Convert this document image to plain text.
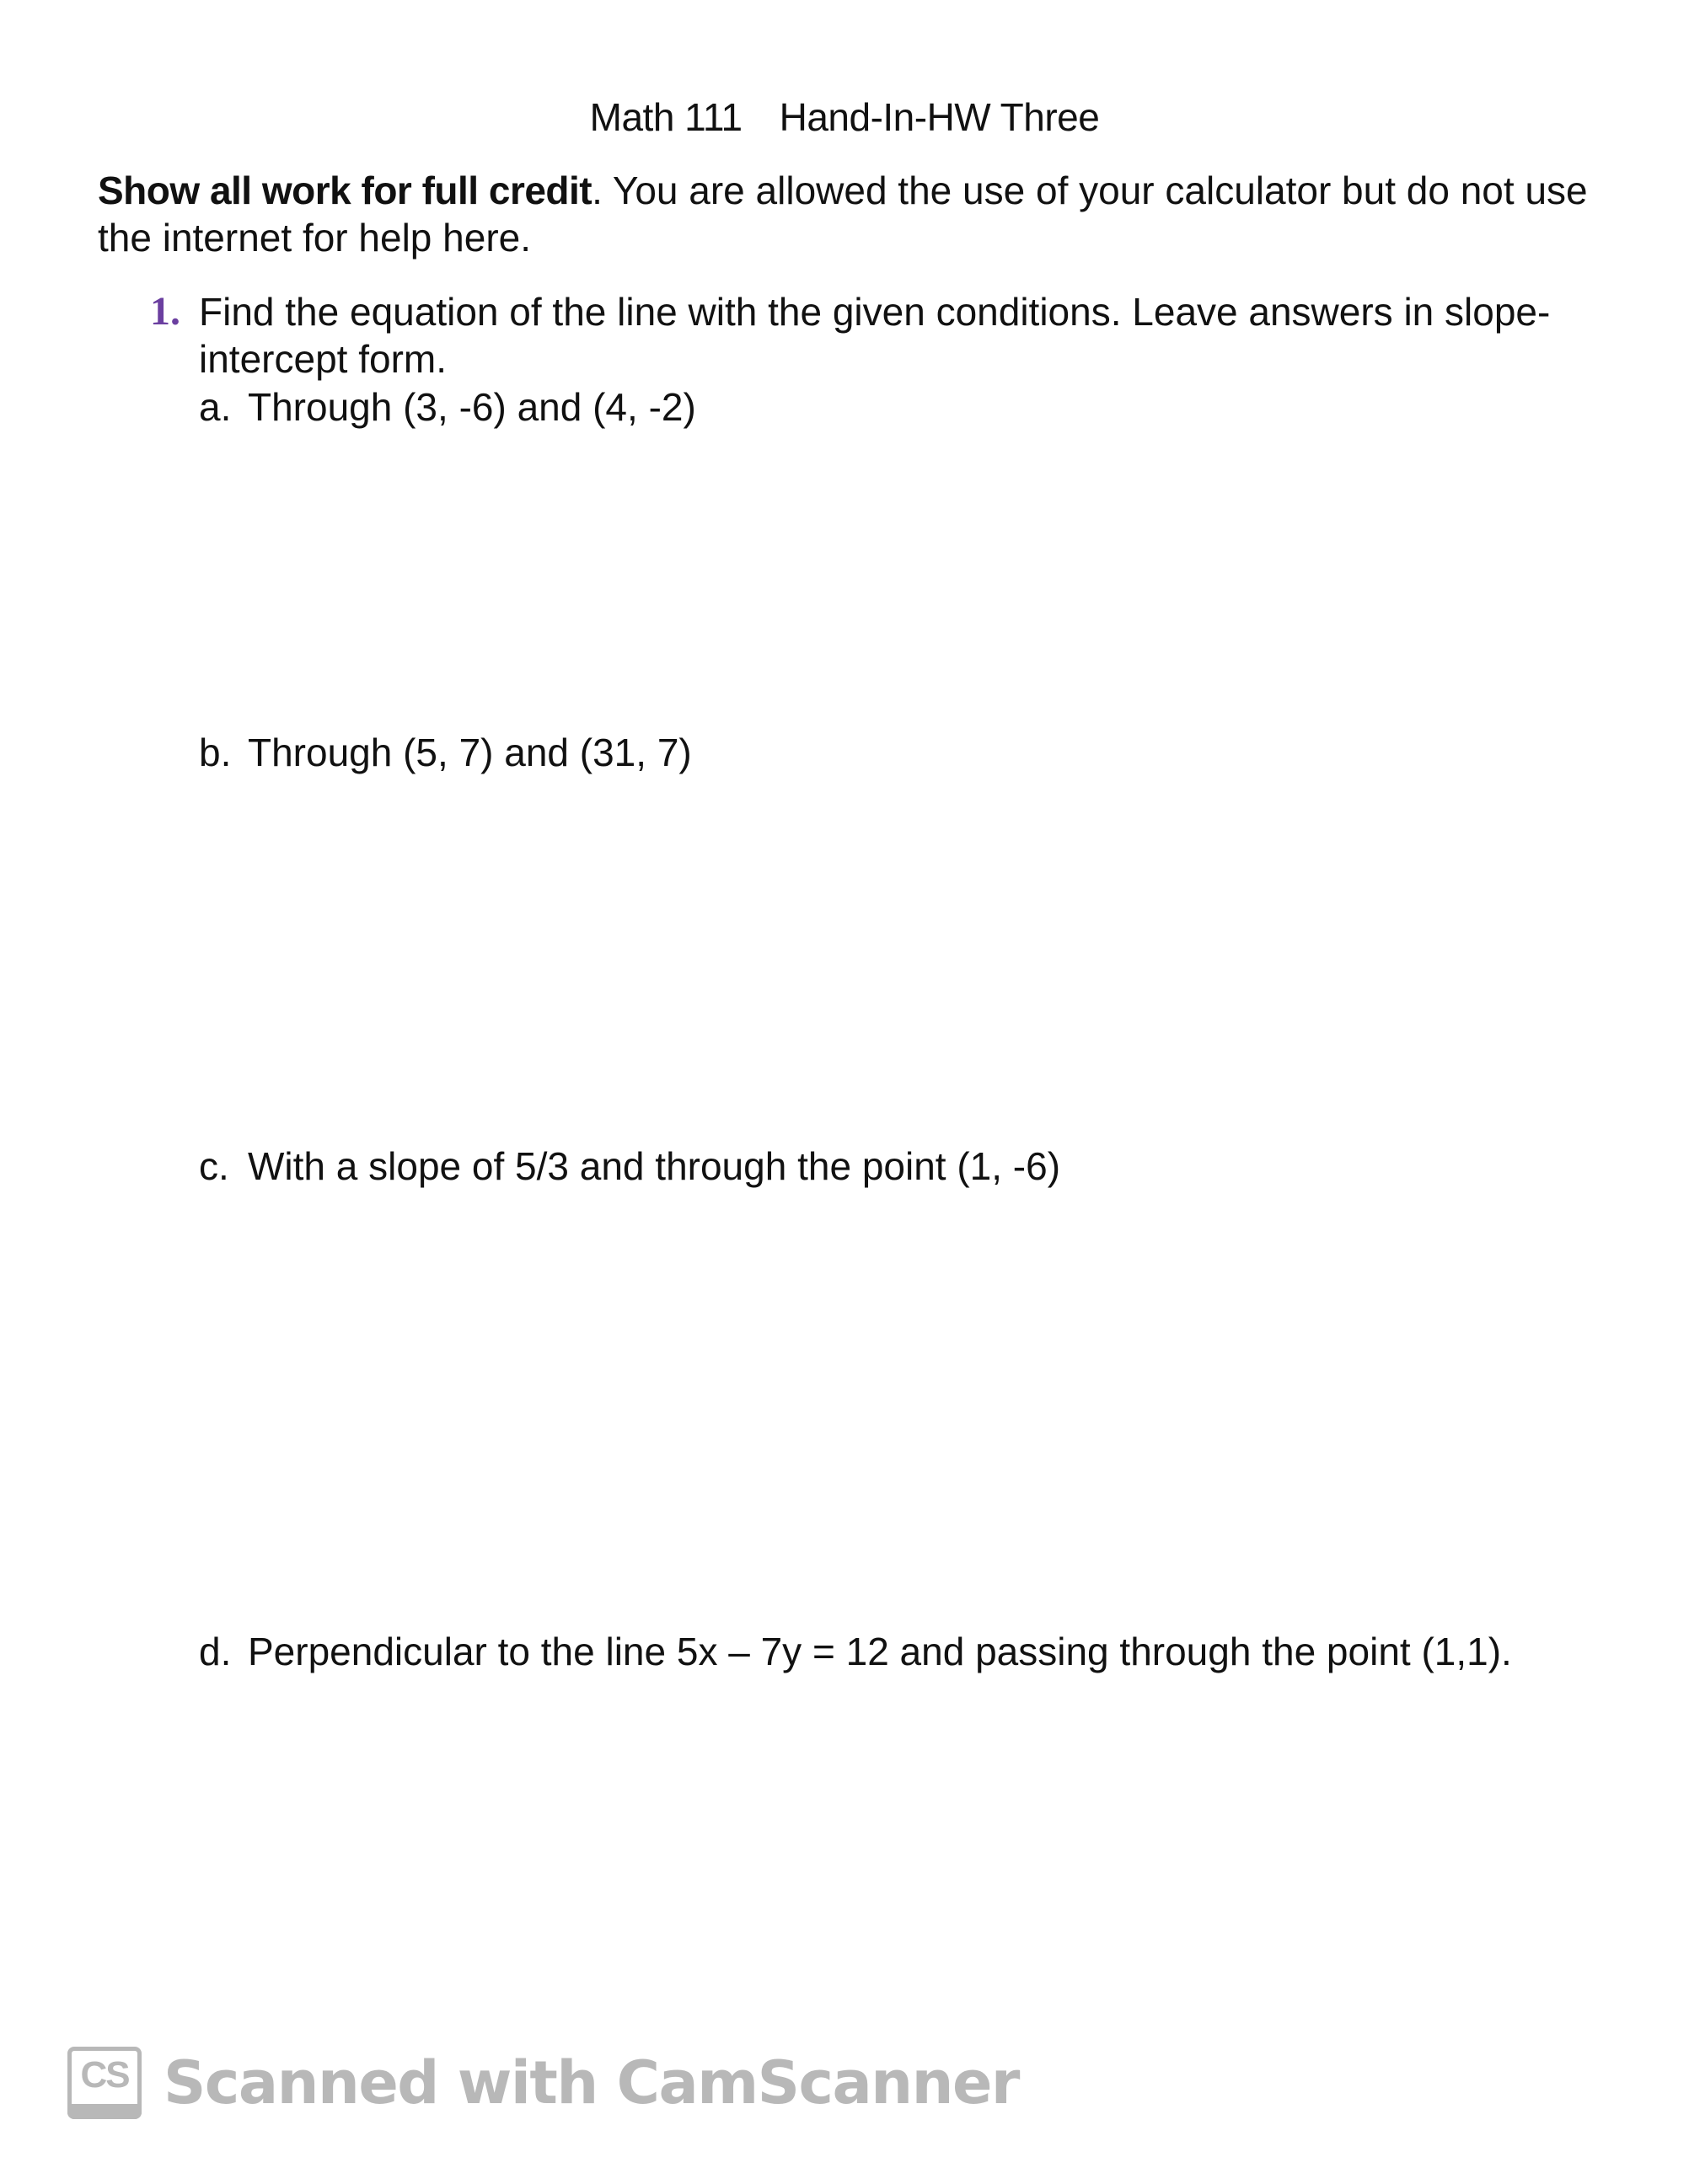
Math 111 Hand-In-HW Three
Show all work for full credit. You are allowed the use of your calculator but do not use the internet for help here.
1. Find the equation of the line with the given conditions. Leave answers in slope-intercept form.
a. Through (3, -6) and (4, -2)
b. Through (5, 7) and (31, 7)
c. With a slope of 5/3 and through the point (1, -6)
d. Perpendicular to the line 5x – 7y = 12 and passing through the point (1,1).
CS Scanned with CamScanner
